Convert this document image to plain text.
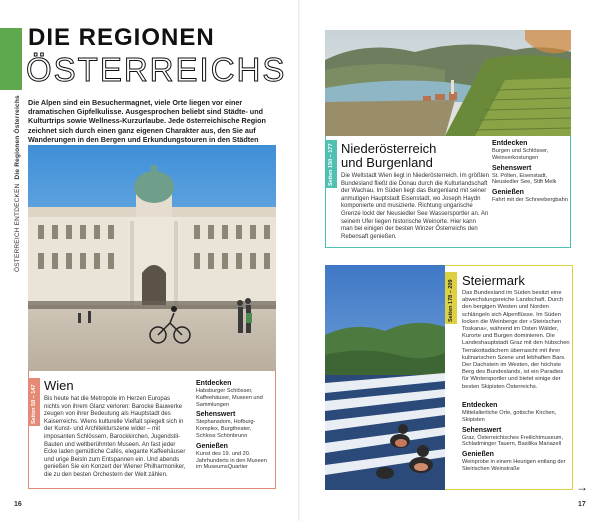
ÖSTERREICH ENTDECKEN  Die Regionen Österreichs
DIE REGIONEN
ÖSTERREICHS
Die Alpen sind ein Besuchermagnet, viele Orte liegen vor einer dramatischen Gipfelkulisse. Ausgesprochen beliebt sind Städte- und Kulturtrips sowie Wellness-Kurzurlaube. Jede österreichische Region zeichnet sich durch einen ganz eigenen Charakter aus, den Sie auf Wanderungen in den Bergen und Erkundungstouren in den Städten
Seiten 58 – 147 Wien
Bis heute hat die Metropole im Herzen Europas nichts von ihrem Glanz verloren: Barocke Bauwerke zeugen von ihrer Bedeutung als Hauptstadt des Kaiserreichs. Wiens kulturelle Vielfalt spiegelt sich in der Kunst- und Architekturszene wider – mit imposanten Schlössern, Barockkirchen, Jugendstil-Bauten und weltberühmten Museen. An fast jeder Ecke laden gemütliche Cafés, elegante Kaffeehäuser und urige Beisln zum Entspannen ein. Und abends genießen Sie ein Konzert der Wiener Philharmoniker, die zu den besten Orchestern der Welt zählen.
Entdecken

Habsburger Schlösser, Kaffeehäuser, Museen und Sammlungen

Sehenswert

Stephansdom, Hofburg-Komplex, Burgtheater, Schloss Schönbrunn

Genießen

Kunst des 19. und 20. Jahrhunderts in den Museen im MuseumsQuartier

16
Seiten 150 – 177 Niederösterreich
und Burgenland
Die Weltstadt Wien liegt in Niederösterreich. Im größten Bundesland fließt die Donau durch die Kulturlandschaft der Wachau. Im Süden liegt das Burgenland mit seiner anmutigen Hauptstadt Eisenstadt, wo Joseph Haydn komponierte und musizierte. Richtung ungarische Grenze lockt der Neusiedler See Wassersportler an. An seinem Ufer liegen historische Weinorte. Hier kann man bei einigen der besten Winzer Österreichs den Rebensaft genießen.
Entdecken

Burgen und Schlösser, Weinverkostungen

Sehenswert

St. Pölten, Eisenstadt, Neusiedler See, Stift Melk

Genießen

Fahrt mit der Schneebergbahn

Seiten 178 – 209 Steiermark
Das Bundesland im Süden besitzt eine abwechslungsreiche Landschaft. Durch den bergigen Westen und Norden schlängeln sich Alpenflüsse. Im Süden locken die Weinberge der »Steirischen Toskana«, während im Osten Wälder, Kurorte und Burgen dominieren. Die Landeshauptstadt Graz mit den hübschen Terrakottadächern überrascht mit ihrer kulinarischen Szene und lebhaften Bars. Der Dachstein im Westen, der höchste Berg des Bundeslands, ist ein Paradies für Wintersportler und bietet einige der besten Skipisten Österreichs.
Entdecken

Mittelalterliche Orte, gotische Kirchen, Skipisten

Sehenswert

Graz, Österreichisches Freilichtmuseum, Schladminger Tauern, Basilika Mariazell

Genießen

Weinprobe in einem Heurigen entlang der Steirischen Weinstraße

→
17
